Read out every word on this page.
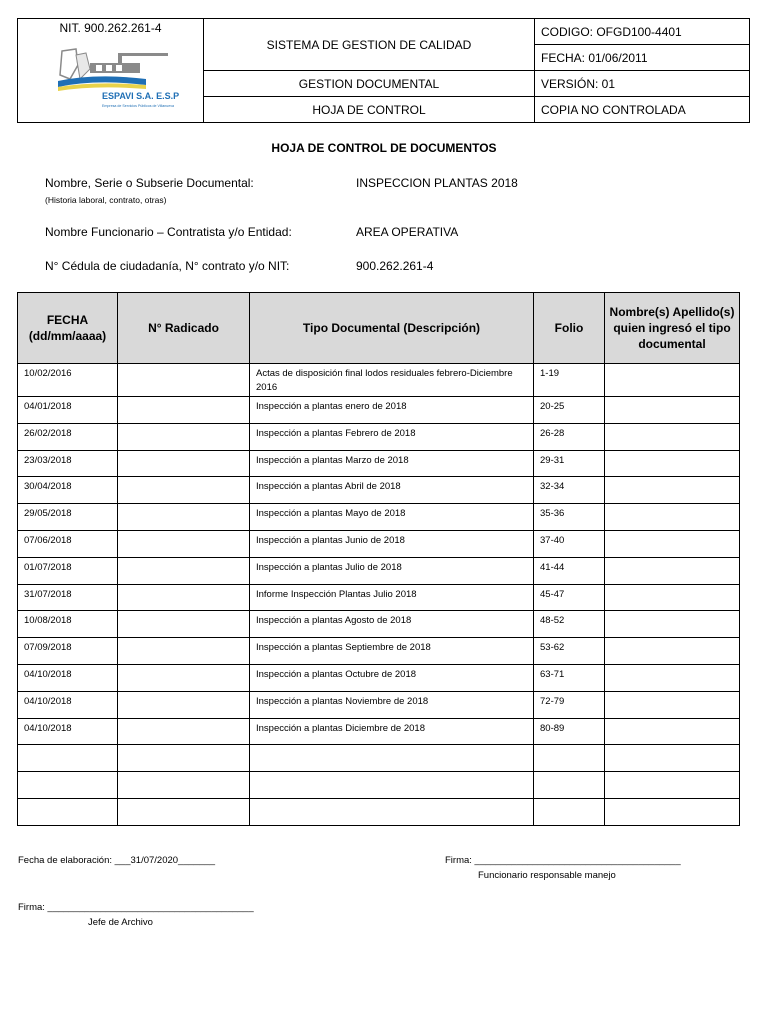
NIT. 900.262.261-4
ESPAVI S.A. E.S.P
Empresa de Servicios Públicos de Villanueva	SISTEMA DE GESTION DE CALIDAD	CODIGO: OFGD100-4401
		FECHA: 01/06/2011
	GESTION DOCUMENTAL	VERSIÓN: 01
	HOJA DE CONTROL	COPIA NO CONTROLADA
HOJA DE CONTROL DE DOCUMENTOS
Nombre, Serie o Subserie Documental:
(Historia laboral, contrato, otras)
INSPECCION PLANTAS 2018
Nombre Funcionario – Contratista y/o Entidad:	AREA OPERATIVA
N° Cédula de ciudadanía, N° contrato y/o NIT:	900.262.261-4
FECHA (dd/mm/aaaa)	N° Radicado	Tipo Documental (Descripción)	Folio	Nombre(s) Apellido(s) quien ingresó el tipo documental
10/02/2016		Actas de disposición final lodos residuales febrero-Diciembre 2016	1-19	
04/01/2018		Inspección a plantas enero de 2018	20-25	
26/02/2018		Inspección a plantas Febrero de 2018	26-28	
23/03/2018		Inspección a plantas Marzo de 2018	29-31	
30/04/2018		Inspección a plantas Abril de 2018	32-34	
29/05/2018		Inspección a plantas Mayo de 2018	35-36	
07/06/2018		Inspección a plantas Junio de 2018	37-40	
01/07/2018		Inspección a plantas Julio de 2018	41-44	
31/07/2018		Informe Inspección Plantas Julio 2018	45-47	
10/08/2018		Inspección a plantas Agosto de 2018	48-52	
07/09/2018		Inspección a plantas Septiembre de 2018	53-62	
04/10/2018		Inspección a plantas Octubre de 2018	63-71	
04/10/2018		Inspección a plantas Noviembre de 2018	72-79	
04/10/2018		Inspección a plantas Diciembre de 2018	80-89	

Fecha de elaboración: ___31/07/2020_______	Firma: _______________________________________
Funcionario responsable manejo
Firma: _______________________________________
Jefe de Archivo
